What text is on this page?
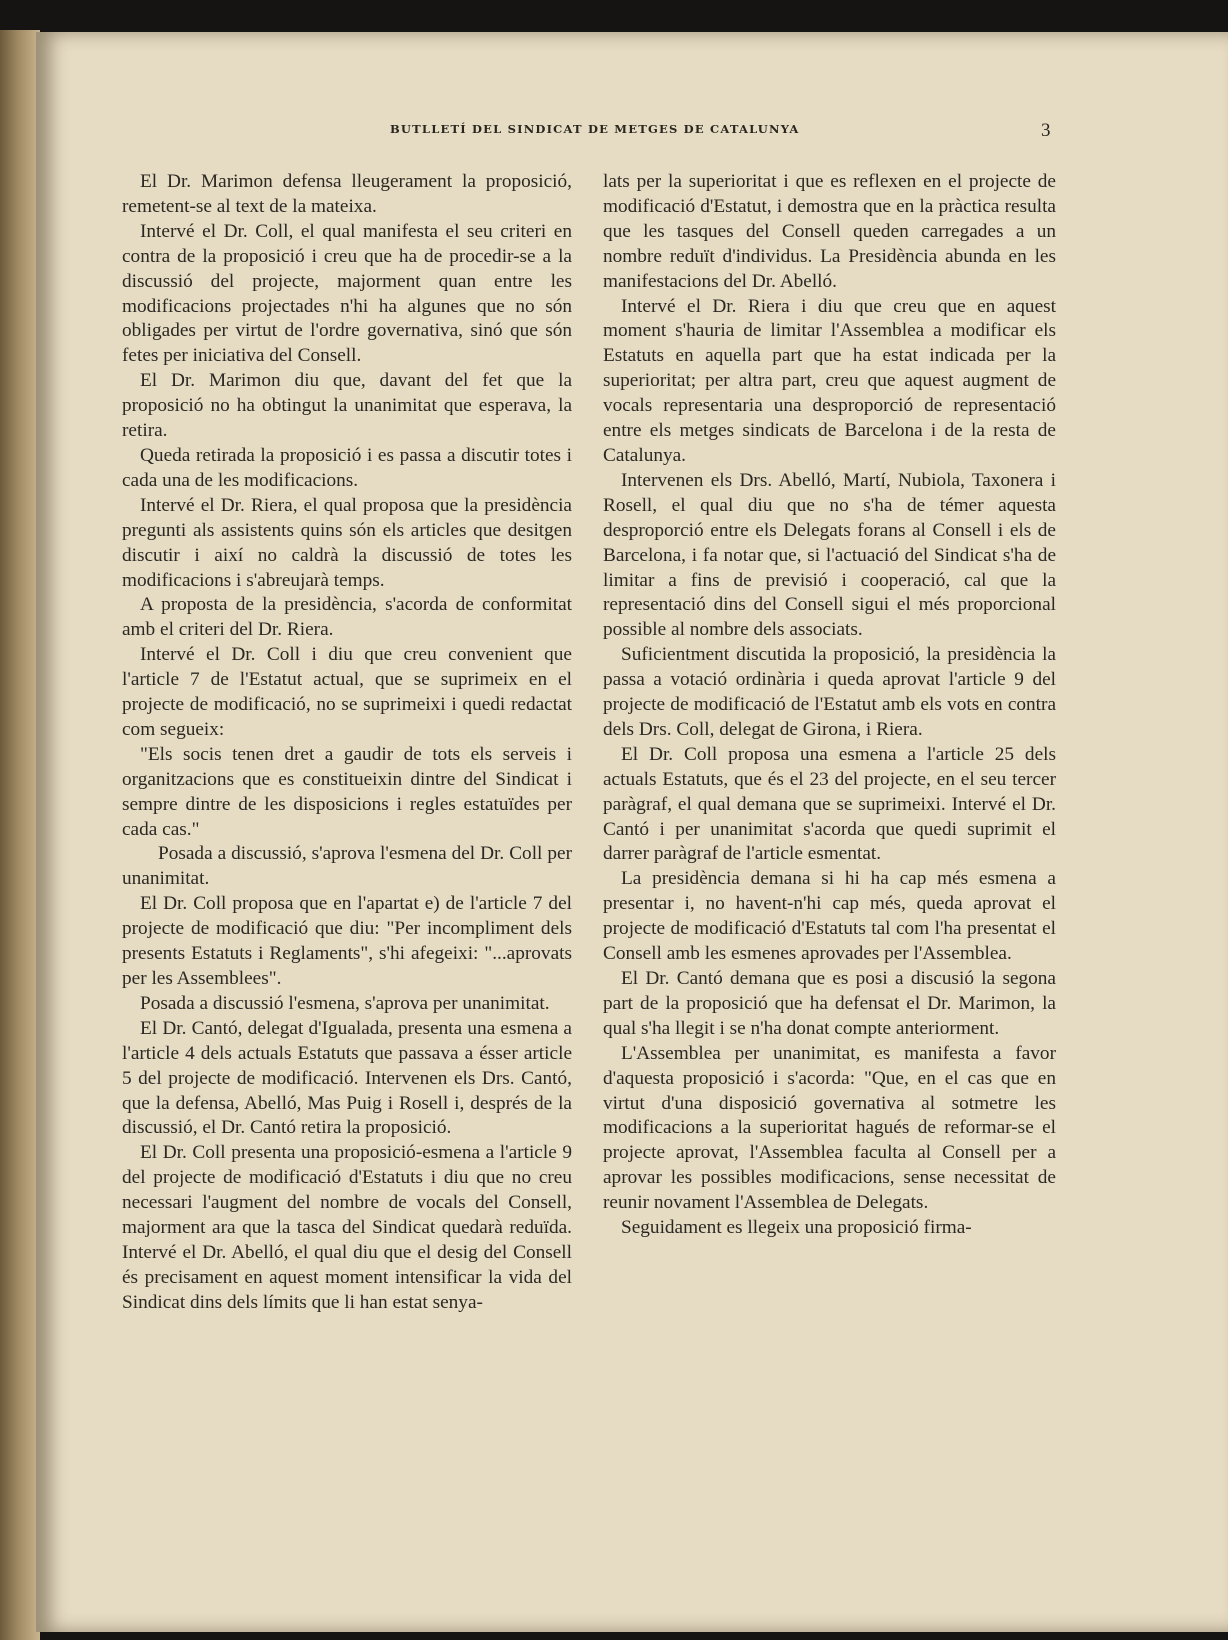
BUTLLETÍ DEL SINDICAT DE METGES DE CATALUNYA	3

El Dr. Marimon defensa lleugerament la proposició, remetent-se al text de la mateixa.

Intervé el Dr. Coll, el qual manifesta el seu criteri en contra de la proposició i creu que ha de procedir-se a la discussió del projecte, majorment quan entre les modificacions projectades n'hi ha algunes que no són obligades per virtut de l'ordre governativa, sinó que són fetes per iniciativa del Consell.

El Dr. Marimon diu que, davant del fet que la proposició no ha obtingut la unanimitat que esperava, la retira.

Queda retirada la proposició i es passa a discutir totes i cada una de les modificacions.

Intervé el Dr. Riera, el qual proposa que la presidència pregunti als assistents quins són els articles que desitgen discutir i així no caldrà la discussió de totes les modificacions i s'abreujarà temps.

A proposta de la presidència, s'acorda de conformitat amb el criteri del Dr. Riera.

Intervé el Dr. Coll i diu que creu convenient que l'article 7 de l'Estatut actual, que se suprimeix en el projecte de modificació, no se suprimeixi i quedi redactat com segueix:

"Els socis tenen dret a gaudir de tots els serveis i organitzacions que es constitueixin dintre del Sindicat i sempre dintre de les disposicions i regles estatuïdes per cada cas."

Posada a discussió, s'aprova l'esmena del Dr. Coll per unanimitat.

El Dr. Coll proposa que en l'apartat e) de l'article 7 del projecte de modificació que diu: "Per incompliment dels presents Estatuts i Reglaments", s'hi afegeixi: "...aprovats per les Assemblees".

Posada a discussió l'esmena, s'aprova per unanimitat.

El Dr. Cantó, delegat d'Igualada, presenta una esmena a l'article 4 dels actuals Estatuts que passava a ésser article 5 del projecte de modificació. Intervenen els Drs. Cantó, que la defensa, Abelló, Mas Puig i Rosell i, després de la discussió, el Dr. Cantó retira la proposició.

El Dr. Coll presenta una proposició-esmena a l'article 9 del projecte de modificació d'Estatuts i diu que no creu necessari l'augment del nombre de vocals del Consell, majorment ara que la tasca del Sindicat quedarà reduïda. Intervé el Dr. Abelló, el qual diu que el desig del Consell és precisament en aquest moment intensificar la vida del Sindicat dins dels límits que li han estat senya-

lats per la superioritat i que es reflexen en el projecte de modificació d'Estatut, i demostra que en la pràctica resulta que les tasques del Consell queden carregades a un nombre reduït d'individus. La Presidència abunda en les manifestacions del Dr. Abelló.

Intervé el Dr. Riera i diu que creu que en aquest moment s'hauria de limitar l'Assemblea a modificar els Estatuts en aquella part que ha estat indicada per la superioritat; per altra part, creu que aquest augment de vocals representaria una desproporció de representació entre els metges sindicats de Barcelona i de la resta de Catalunya.

Intervenen els Drs. Abelló, Martí, Nubiola, Taxonera i Rosell, el qual diu que no s'ha de témer aquesta desproporció entre els Delegats forans al Consell i els de Barcelona, i fa notar que, si l'actuació del Sindicat s'ha de limitar a fins de previsió i cooperació, cal que la representació dins del Consell sigui el més proporcional possible al nombre dels associats.

Suficientment discutida la proposició, la presidència la passa a votació ordinària i queda aprovat l'article 9 del projecte de modificació de l'Estatut amb els vots en contra dels Drs. Coll, delegat de Girona, i Riera.

El Dr. Coll proposa una esmena a l'article 25 dels actuals Estatuts, que és el 23 del projecte, en el seu tercer paràgraf, el qual demana que se suprimeixi. Intervé el Dr. Cantó i per unanimitat s'acorda que quedi suprimit el darrer paràgraf de l'article esmentat.

La presidència demana si hi ha cap més esmena a presentar i, no havent-n'hi cap més, queda aprovat el projecte de modificació d'Estatuts tal com l'ha presentat el Consell amb les esmenes aprovades per l'Assemblea.

El Dr. Cantó demana que es posi a discusió la segona part de la proposició que ha defensat el Dr. Marimon, la qual s'ha llegit i se n'ha donat compte anteriorment.

L'Assemblea per unanimitat, es manifesta a favor d'aquesta proposició i s'acorda: "Que, en el cas que en virtut d'una disposició governativa al sotmetre les modificacions a la superioritat hagués de reformar-se el projecte aprovat, l'Assemblea faculta al Consell per a aprovar les possibles modificacions, sense necessitat de reunir novament l'Assemblea de Delegats.

Seguidament es llegeix una proposició firma-
